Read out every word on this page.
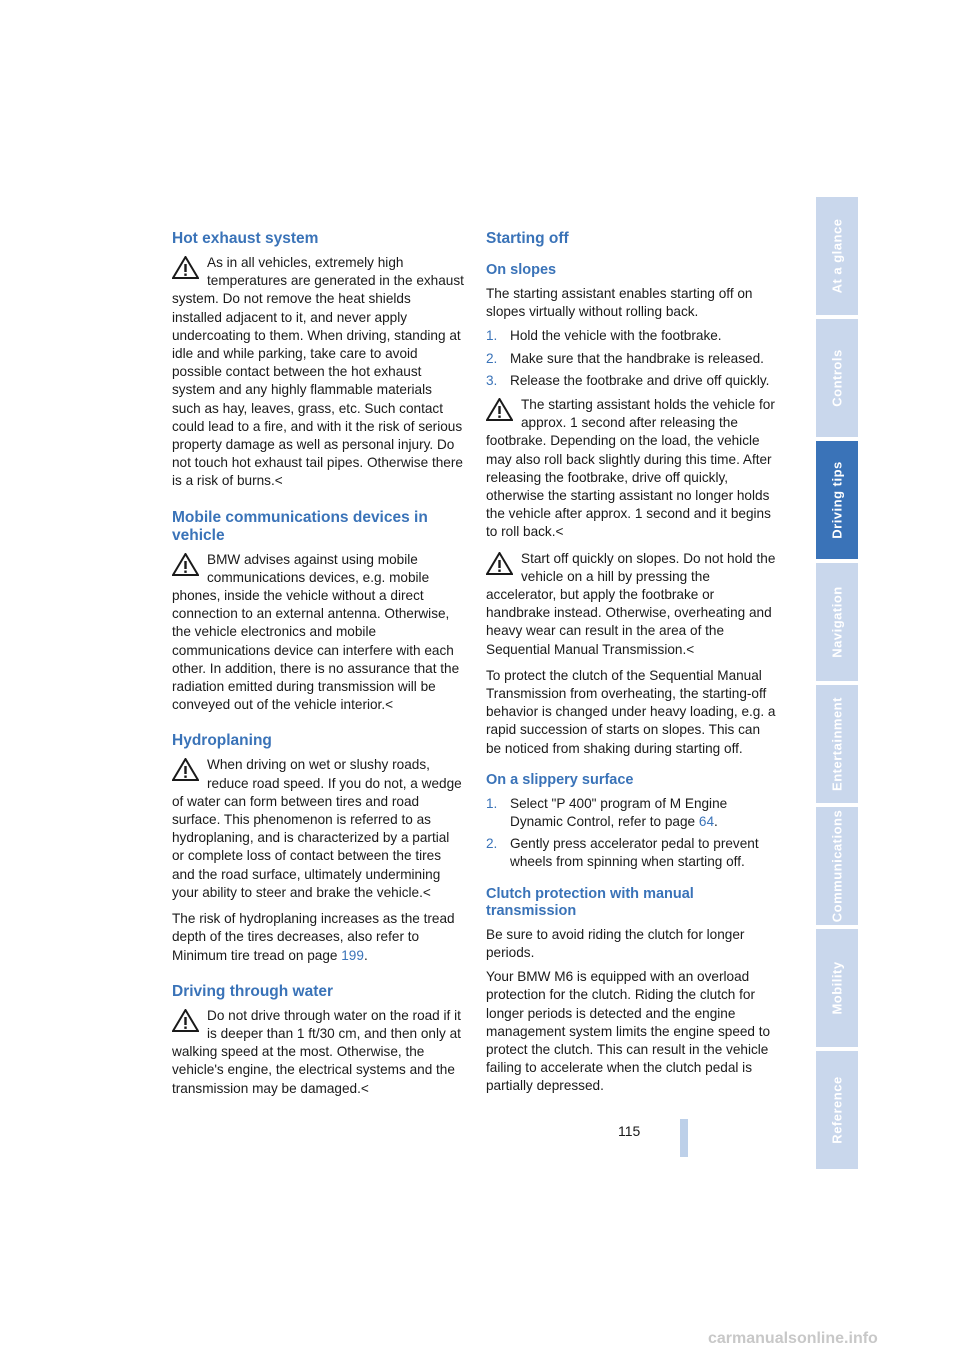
Hot exhaust system
As in all vehicles, extremely high temperatures are generated in the exhaust system. Do not remove the heat shields installed adjacent to it, and never apply undercoating to them. When driving, standing at idle and while parking, take care to avoid possible contact between the hot exhaust system and any highly flammable materials such as hay, leaves, grass, etc. Such contact could lead to a fire, and with it the risk of serious property damage as well as personal injury. Do not touch hot exhaust tail pipes. Otherwise there is a risk of burns.<
Mobile communications devices in vehicle
BMW advises against using mobile communications devices, e.g. mobile phones, inside the vehicle without a direct connection to an external antenna. Otherwise, the vehicle electronics and mobile communications device can interfere with each other. In addition, there is no assurance that the radiation emitted during transmission will be conveyed out of the vehicle interior.<
Hydroplaning
When driving on wet or slushy roads, reduce road speed. If you do not, a wedge of water can form between tires and road surface. This phenomenon is referred to as hydroplaning, and is characterized by a partial or complete loss of contact between the tires and the road surface, ultimately undermining your ability to steer and brake the vehicle.<

The risk of hydroplaning increases as the tread depth of the tires decreases, also refer to Minimum tire tread on page 199.

Driving through water
Do not drive through water on the road if it is deeper than 1 ft/30 cm, and then only at walking speed at the most. Otherwise, the vehicle's engine, the electrical systems and the transmission may be damaged.<
Starting off
On slopes

The starting assistant enables starting off on slopes virtually without rolling back.

1. Hold the vehicle with the footbrake.
2. Make sure that the handbrake is released.
3. Release the footbrake and drive off quickly.
The starting assistant holds the vehicle for approx. 1 second after releasing the footbrake. Depending on the load, the vehicle may also roll back slightly during this time. After releasing the footbrake, drive off quickly, otherwise the starting assistant no longer holds the vehicle after approx. 1 second and it begins to roll back.<
Start off quickly on slopes. Do not hold the vehicle on a hill by pressing the accelerator, but apply the footbrake or handbrake instead. Otherwise, overheating and heavy wear can result in the area of the Sequential Manual Transmission.<

To protect the clutch of the Sequential Manual Transmission from overheating, the starting-off behavior is changed under heavy loading, e.g. a rapid succession of starts on slopes. This can be noticed from shaking during starting off.

On a slippery surface
1. Select "P 400" program of M Engine Dynamic Control, refer to page 64.
2. Gently press accelerator pedal to prevent wheels from spinning when starting off.
Clutch protection with manual transmission

Be sure to avoid riding the clutch for longer periods.

Your BMW M6 is equipped with an overload protection for the clutch. Riding the clutch for longer periods is detected and the engine management system limits the engine speed to protect the clutch. This can result in the vehicle failing to accelerate when the clutch pedal is partially depressed.

115
At a glance
Controls
Driving tips
Navigation
Entertainment
Communications
Mobility
Reference
carmanualsonline.info
